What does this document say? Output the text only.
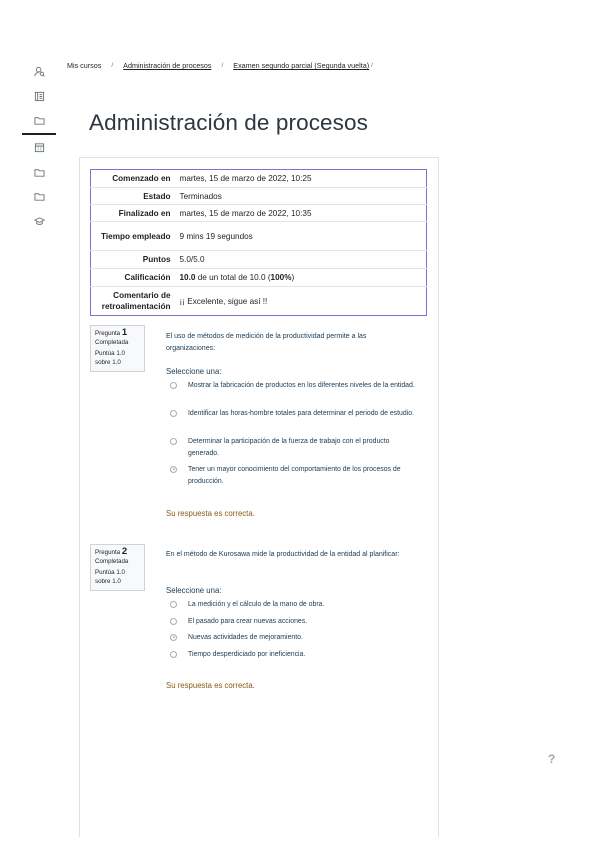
Mis cursos / Administración de procesos / Examen segundo parcial (Segunda vuelta) /
Administración de procesos
Comenzado en	martes, 15 de marzo de 2022, 10:25
Estado	Terminados
Finalizado en	martes, 15 de marzo de 2022, 10:35
Tiempo empleado	9 mins 19 segundos
Puntos	5.0/5.0
Calificación	10.0 de un total de 10.0 (100%)
Comentario de retroalimentación	¡¡ Excelente, sigue así !!
Pregunta 1
Completada
Puntúa 1.0
sobre 1.0
El uso de métodos de medición de la productividad permite a las organizaciones:
Seleccione una:
Mostrar la fabricación de productos en los diferentes niveles de la entidad.
Identificar las horas-hombre totales para determinar el periodo de estudio.
Determinar la participación de la fuerza de trabajo con el producto generado.
Tener un mayor conocimiento del comportamiento de los procesos de producción.
Su respuesta es correcta.
Pregunta 2
Completada
Puntúa 1.0
sobre 1.0
En el método de Kurosawa mide la productividad de la entidad al planificar:
Seleccione una:
La medición y el cálculo de la mano de obra.
El pasado para crear nuevas acciones.
Nuevas actividades de mejoramiento.
Tiempo desperdiciado por ineficiencia.
Su respuesta es correcta.
?
